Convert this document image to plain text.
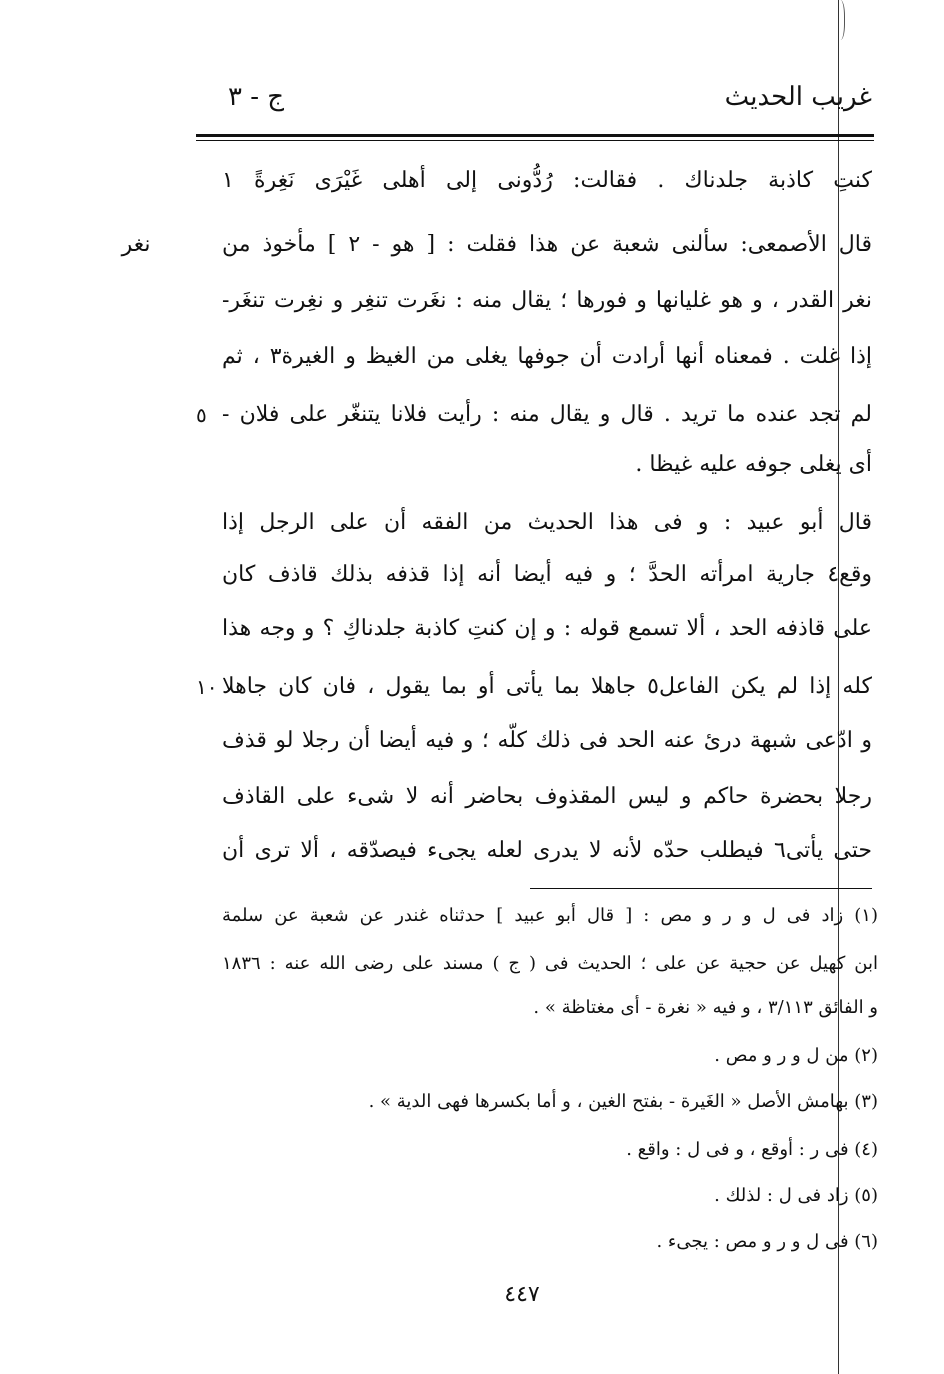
غريب الحديث
ج - ٣
نغر
٥
١٠
كنتِ كاذبة جلدناك . فقالت: رُدُّونى إلى أهلى غَيْرَى نَغِرةً ١
قال الأصمعى: سألنى شعبة عن هذا فقلت : [ هو - ٢ ] مأخوذ من
نغر القدر ، و هو غليانها و فورها ؛ يقال منه : نغَرت تنغِر و نغِرت تنغَر-
إذا غلت . فمعناه أنها أرادت أن جوفها يغلى من الغيظ و الغيرة٣ ، ثم
لم تجد عنده ما تريد . قال و يقال منه : رأيت فلانا يتنغّر على فلان -
أى يغلى جوفه عليه غيظا .
قال أبو عبيد : و فى هذا الحديث من الفقه أن على الرجل إذا
وقع٤ جارية امرأته الحدَّ ؛ و فيه أيضا أنه إذا قذفه بذلك قاذف كان
على قاذفه الحد ، ألا تسمع قوله : و إن كنتِ كاذبة جلدناكِ ؟ و وجه هذا
كله إذا لم يكن الفاعل٥ جاهلا بما يأتى أو بما يقول ، فان كان جاهلا
و ادّعى شبهة درئ عنه الحد فى ذلك كلّه ؛ و فيه أيضا أن رجلا لو قذف
رجلا بحضرة حاكم و ليس المقذوف بحاضر أنه لا شىء على القاذف
حتى يأتى٦ فيطلب حدّه لأنه لا يدرى لعله يجىء فيصدّقه ، ألا ترى أن
(١) زاد فى ل و ر و مص : [ قال أبو عبيد ] حدثناه غندر عن شعبة عن سلمة
ابن كهيل عن حجية عن على ؛ الحديث فى ( ج ) مسند على رضى الله عنه : ١٨٣٦
و الفائق ٣/١١٣ ، و فيه « نغرة - أى مغتاظة » .
(٢) من ل و ر و مص .
(٣) بهامش الأصل « الغَيرة - بفتح الغين ، و أما بكسرها فهى الدية » .
(٤) فى ر : أوقع ، و فى ل : واقع .
(٥) زاد فى ل : لذلك .
(٦) فى ل و ر و مص : يجىء .
٤٤٧
